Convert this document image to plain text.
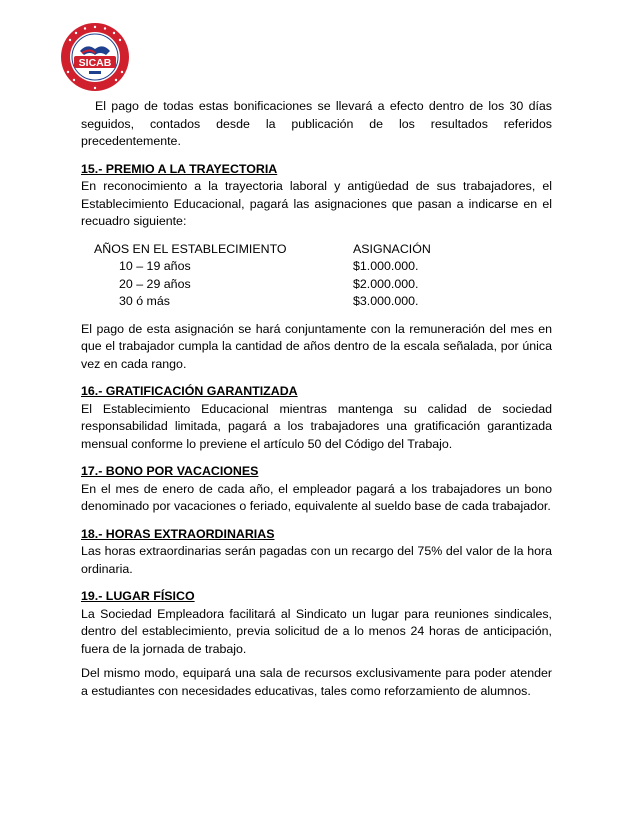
SICAB

El pago de todas estas bonificaciones se llevará a efecto dentro de los 30 días seguidos, contados desde la publicación de los resultados referidos precedentemente.

15.- PREMIO A LA TRAYECTORIA

En reconocimiento a la trayectoria laboral y antigüedad de sus trabajadores, el Establecimiento Educacional, pagará las asignaciones que pasan a indicarse en el recuadro siguiente:

AÑOS EN EL ESTABLECIMIENTO	ASIGNACIÓN
10 – 19 años	$1.000.000.
20 – 29 años	$2.000.000.
30 ó más	$3.000.000.

El pago de esta asignación se hará conjuntamente con la remuneración del mes en que el trabajador cumpla la cantidad de años dentro de la escala señalada, por única vez en cada rango.

16.- GRATIFICACIÓN GARANTIZADA

El Establecimiento Educacional mientras mantenga su calidad de sociedad responsabilidad limitada, pagará a los trabajadores una gratificación garantizada mensual conforme lo previene el artículo 50 del Código del Trabajo.

17.- BONO POR VACACIONES

En el mes de enero de cada año, el empleador pagará a los trabajadores un bono denominado por vacaciones o feriado, equivalente al sueldo base de cada trabajador.

18.- HORAS EXTRAORDINARIAS

Las horas extraordinarias serán pagadas con un recargo del 75% del valor de la hora ordinaria.

19.- LUGAR FÍSICO

La Sociedad Empleadora facilitará al Sindicato un lugar para reuniones sindicales, dentro del establecimiento, previa solicitud de a lo menos 24 horas de anticipación, fuera de la jornada de trabajo.

Del mismo modo, equipará una sala de recursos exclusivamente para poder atender a estudiantes con necesidades educativas, tales como reforzamiento de alumnos.
